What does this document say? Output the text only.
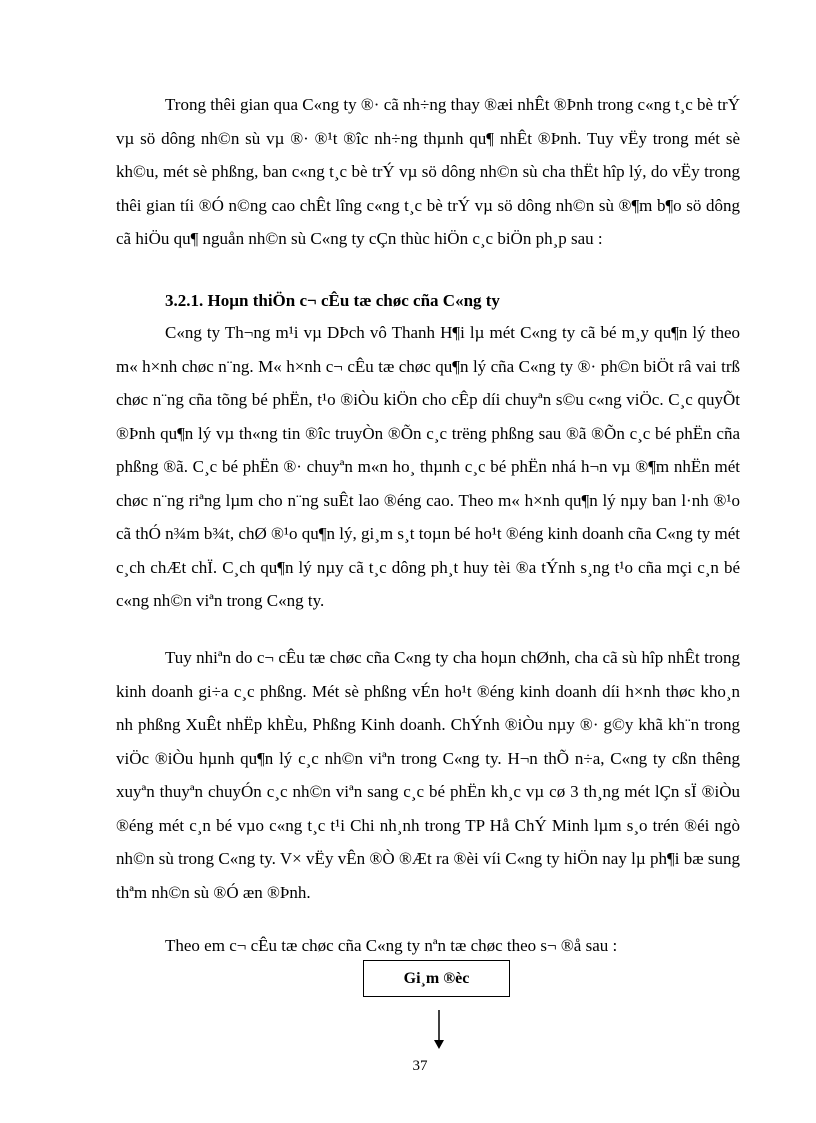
Trong thêi gian qua C«ng ty ®· cã nh÷ng thay ®æi nhÊt ®Þnh trong c«ng t¸c bè trÝ vµ sö dông nh©n sù vµ ®· ®¹t ®îc nh÷ng thµnh qu¶ nhÊt ®Þnh. Tuy vËy trong mét sè kh©u, mét sè phßng, ban c«ng t¸c bè trÝ vµ sö dông nh©n sù cha thËt hîp lý, do vËy trong thêi gian tíi ®Ó n©ng cao chÊt lîng c«ng t¸c bè trÝ vµ sö dông nh©n sù ®¶m b¶o sö dông cã hiÖu qu¶ nguån nh©n sù C«ng ty cÇn thùc hiÖn c¸c biÖn ph¸p sau :

3.2.1. Hoµn thiÖn c¬ cÊu tæ chøc cña C«ng ty

C«ng ty Th¬ng m¹i vµ DÞch vô Thanh H¶i lµ mét C«ng ty cã bé m¸y qu¶n lý theo m« h×nh chøc n¨ng. M« h×nh c¬ cÊu tæ chøc qu¶n lý cña C«ng ty ®· ph©n biÖt râ vai trß chøc n¨ng cña tõng bé phËn, t¹o ®iÒu kiÖn cho cÊp díi chuyªn s©u c«ng viÖc. C¸c quyÕt ®Þnh qu¶n lý vµ th«ng tin ®îc truyÒn ®Õn c¸c trëng phßng sau ®ã ®Õn c¸c bé phËn cña phßng ®ã. C¸c bé phËn ®· chuyªn m«n ho¸ thµnh c¸c bé phËn nhá h¬n vµ ®¶m nhËn mét chøc n¨ng riªng lµm cho n¨ng suÊt lao ®éng cao. Theo m« h×nh qu¶n lý nµy ban l·nh ®¹o cã thÓ n¾m b¾t, chØ ®¹o qu¶n lý, gi¸m s¸t toµn bé ho¹t ®éng kinh doanh cña C«ng ty mét c¸ch chÆt chÏ. C¸ch qu¶n lý nµy cã t¸c dông ph¸t huy tèi ®a tÝnh s¸ng t¹o cña mçi c¸n bé c«ng nh©n viªn trong C«ng ty.

Tuy nhiªn do c¬ cÊu tæ chøc cña C«ng ty cha hoµn chØnh, cha cã sù hîp nhÊt trong kinh doanh gi÷a c¸c phßng. Mét sè phßng vÉn ho¹t ®éng kinh doanh díi h×nh thøc kho¸n nh phßng XuÊt nhËp khÈu, Phßng Kinh doanh. ChÝnh ®iÒu nµy ®· g©y khã kh¨n trong viÖc ®iÒu hµnh qu¶n lý c¸c nh©n viªn trong C«ng ty. H¬n thÕ n÷a, C«ng ty cßn thêng xuyªn thuyªn chuyÓn c¸c nh©n viªn sang c¸c bé phËn kh¸c vµ cø 3 th¸ng mét lÇn sÏ ®iÒu ®éng mét c¸n bé vµo c«ng t¸c t¹i Chi nh¸nh trong TP Hå ChÝ Minh lµm s¸o trén ®éi ngò nh©n sù trong C«ng ty. V× vËy vÊn ®Ò ®Æt ra ®èi víi C«ng ty hiÖn nay lµ ph¶i bæ sung thªm nh©n sù ®Ó æn ®Þnh.

Theo em c¬ cÊu tæ chøc cña C«ng ty nªn tæ chøc theo s¬ ®å sau :

Gi¸m ®èc
37
